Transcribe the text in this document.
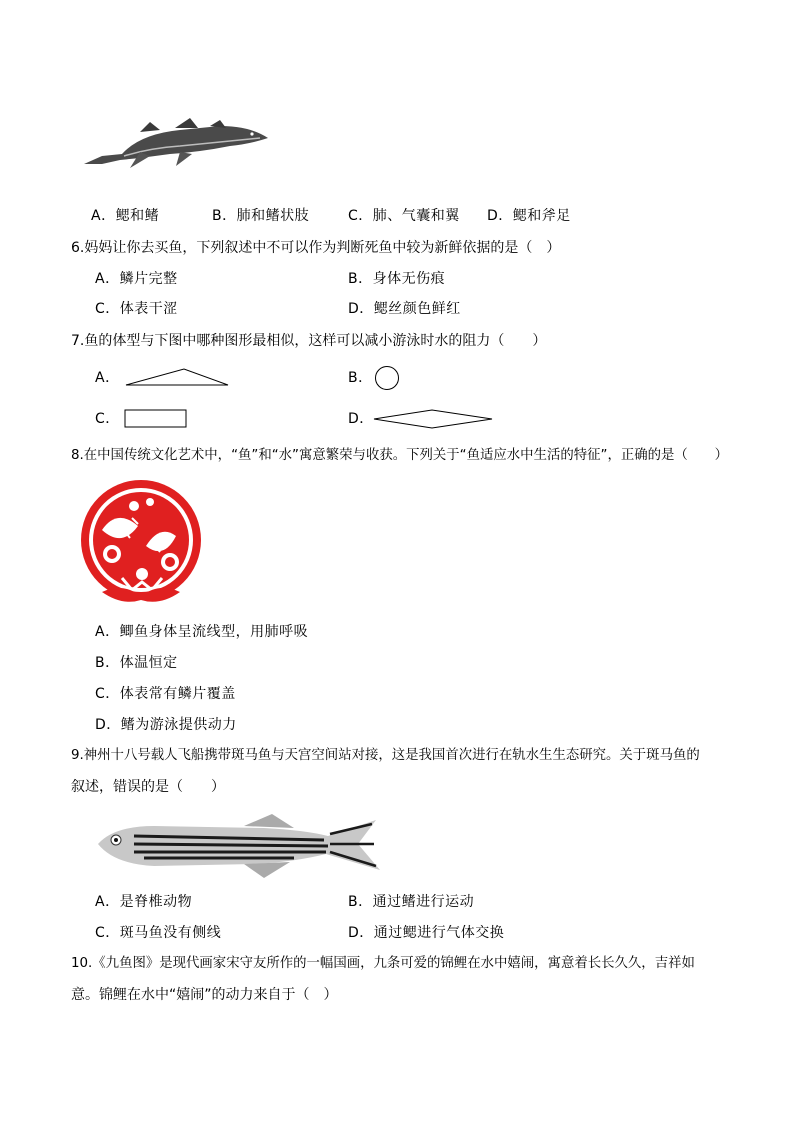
A．鳃和鳍	B．肺和鳍状肢	C．肺、气囊和翼 D．鳃和斧足
6.妈妈让你去买鱼，下列叙述中不可以作为判断死鱼中较为新鲜依据的是（　）
A．鳞片完整	B．身体无伤痕
C．体表干涩	D．鳃丝颜色鲜红
7.鱼的体型与下图中哪种图形最相似，这样可以减小游泳时水的阻力（　　）
A．	B．
C．	D．
8.在中国传统文化艺术中，“鱼”和“水”寓意繁荣与收获。下列关于“鱼适应水中生活的特征”，正确的是（　　）
A．鲫鱼身体呈流线型，用肺呼吸
B．体温恒定
C．体表常有鳞片覆盖
D．鳍为游泳提供动力
9.神州十八号载人飞船携带斑马鱼与天宫空间站对接，这是我国首次进行在轨水生生态研究。关于斑马鱼的
叙述，错误的是（　　）
A．是脊椎动物	B．通过鳍进行运动
C．斑马鱼没有侧线	D．通过鳃进行气体交换
10.《九鱼图》是现代画家宋守友所作的一幅国画，九条可爱的锦鲤在水中嬉闹，寓意着长长久久，吉祥如
意。锦鲤在水中“嬉闹”的动力来自于（　）
